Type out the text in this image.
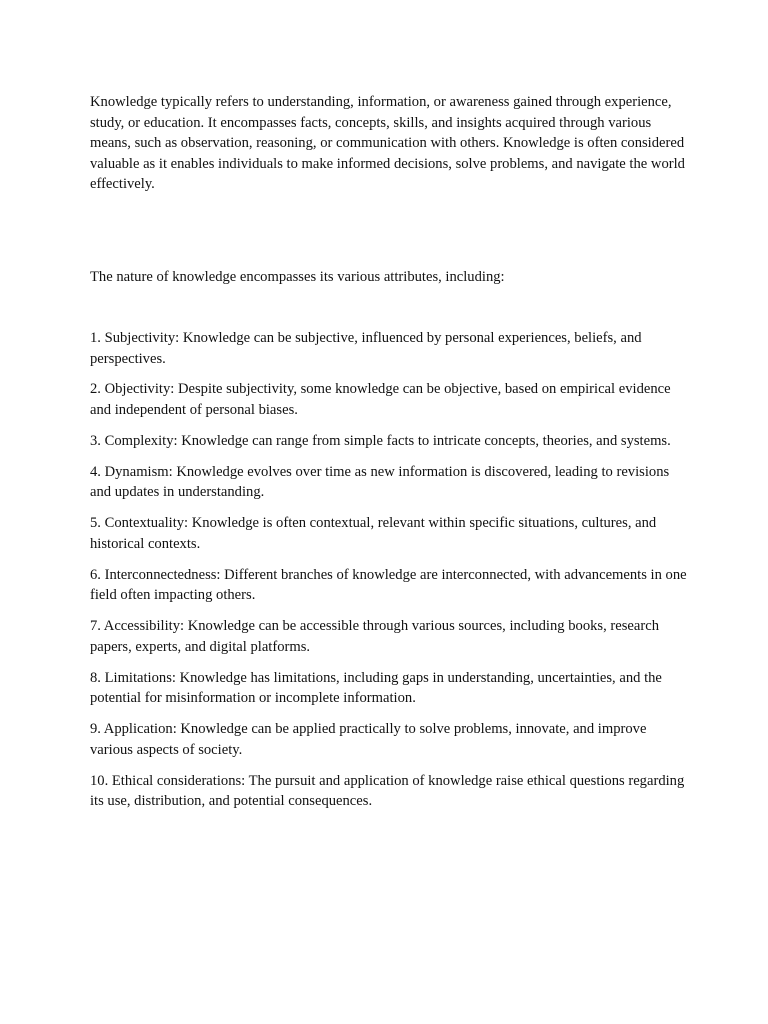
Knowledge typically refers to understanding, information, or awareness gained through experience, study, or education. It encompasses facts, concepts, skills, and insights acquired through various means, such as observation, reasoning, or communication with others. Knowledge is often considered valuable as it enables individuals to make informed decisions, solve problems, and navigate the world effectively.

The nature of knowledge encompasses its various attributes, including:

1. Subjectivity: Knowledge can be subjective, influenced by personal experiences, beliefs, and perspectives.
2. Objectivity: Despite subjectivity, some knowledge can be objective, based on empirical evidence and independent of personal biases.
3. Complexity: Knowledge can range from simple facts to intricate concepts, theories, and systems.
4. Dynamism: Knowledge evolves over time as new information is discovered, leading to revisions and updates in understanding.
5. Contextuality: Knowledge is often contextual, relevant within specific situations, cultures, and historical contexts.
6. Interconnectedness: Different branches of knowledge are interconnected, with advancements in one field often impacting others.
7. Accessibility: Knowledge can be accessible through various sources, including books, research papers, experts, and digital platforms.
8. Limitations: Knowledge has limitations, including gaps in understanding, uncertainties, and the potential for misinformation or incomplete information.
9. Application: Knowledge can be applied practically to solve problems, innovate, and improve various aspects of society.
10. Ethical considerations: The pursuit and application of knowledge raise ethical questions regarding its use, distribution, and potential consequences.
